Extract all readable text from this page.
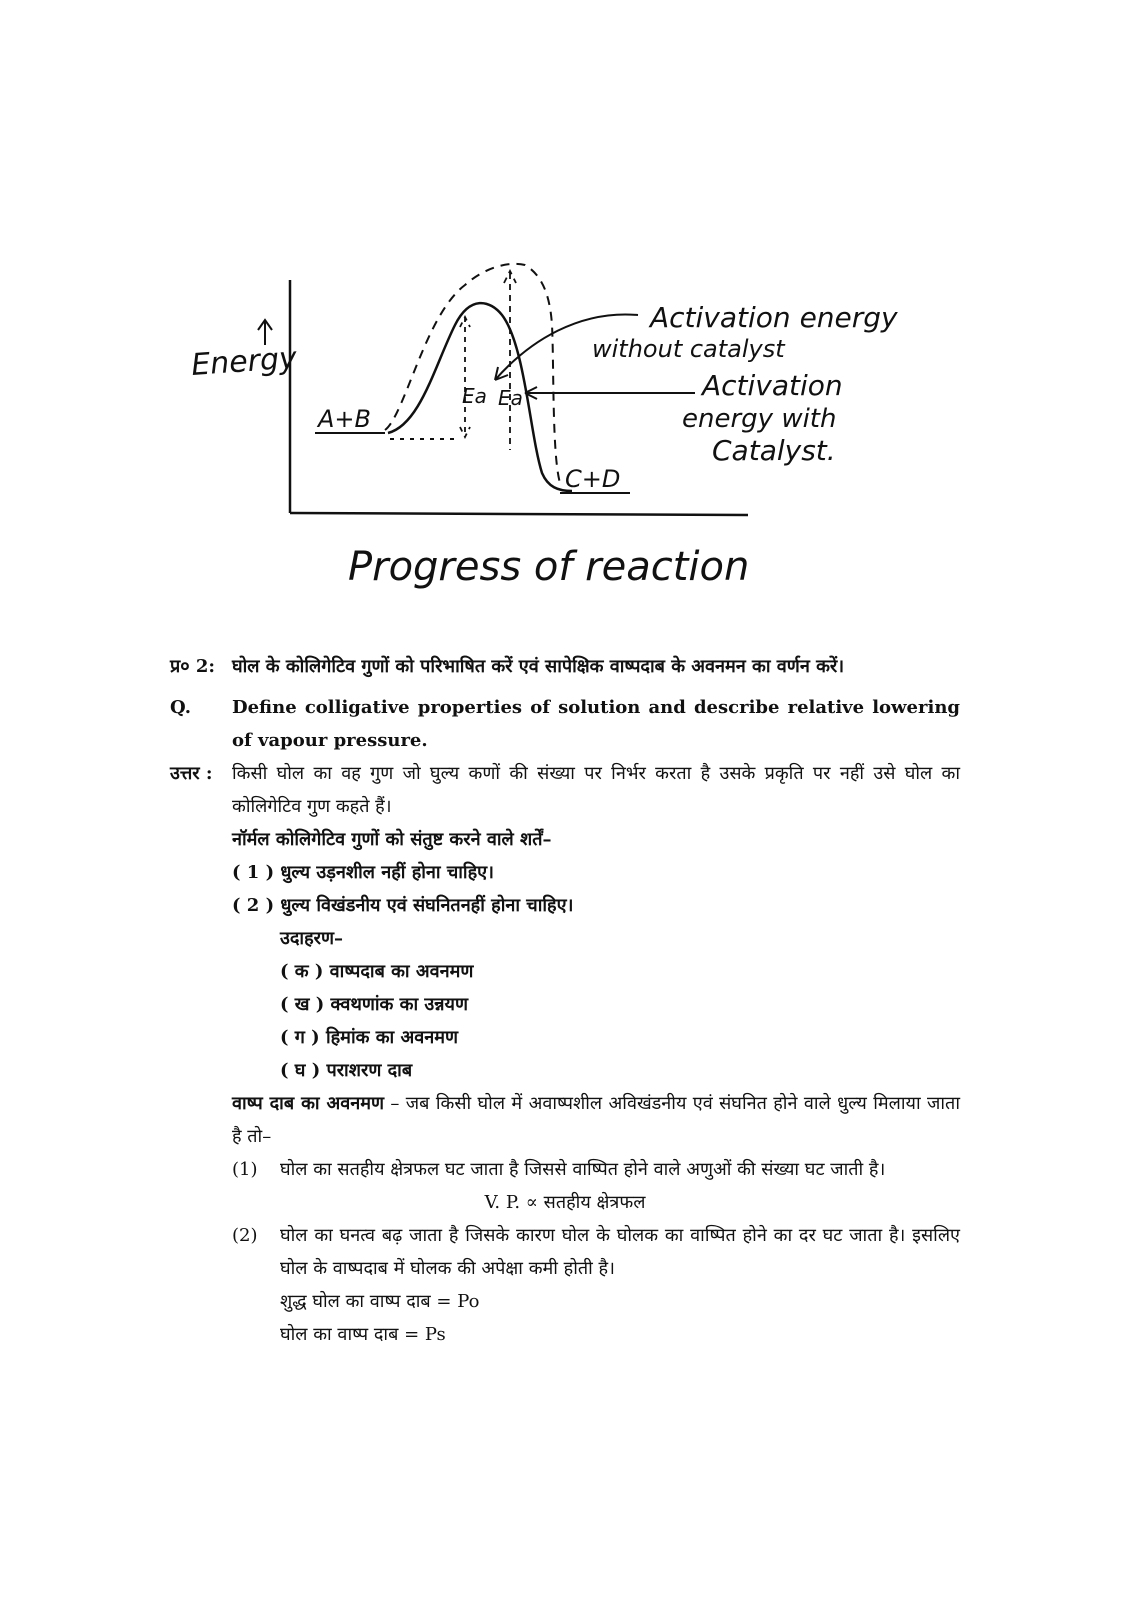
Energy
A+B
C+D
Ea Ea
Activation energy
without catalyst
Activation
energy with
Catalyst.
Progress of reaction
प्र० 2: घोल के कोलिगेटिव गुणों को परिभाषित करें एवं सापेक्षिक वाष्पदाब के अवनमन का वर्णन करें।
Q.	Define colligative properties of solution and describe relative lowering of vapour pressure.
उत्तर :	किसी घोल का वह गुण जो घुल्य कणों की संख्या पर निर्भर करता है उसके प्रकृति पर नहीं उसे घोल का कोलिगेटिव गुण कहते हैं।
नॉर्मल कोलिगेटिव गुणों को संतुष्ट करने वाले शर्तें–
( 1 ) धुल्य उड़नशील नहीं होना चाहिए।
( 2 ) धुल्य विखंडनीय एवं संघनितनहीं होना चाहिए।
उदाहरण–
( क ) वाष्पदाब का अवनमण
( ख ) क्वथणांक का उन्नयण
( ग ) हिमांक का अवनमण
( घ ) पराशरण दाब
वाष्प दाब का अवनमण – जब किसी घोल में अवाष्पशील अविखंडनीय एवं संघनित होने वाले धुल्य मिलाया जाता है तो–
(1)	घोल का सतहीय क्षेत्रफल घट जाता है जिससे वाष्पित होने वाले अणुओं की संख्या घट जाती है।
V. P. ∝ सतहीय क्षेत्रफल
(2)	घोल का घनत्व बढ़ जाता है जिसके कारण घोल के घोलक का वाष्पित होने का दर घट जाता है। इसलिए घोल के वाष्पदाब में घोलक की अपेक्षा कमी होती है।
शुद्ध घोल का वाष्प दाब = Po
घोल का वाष्प दाब = Ps
